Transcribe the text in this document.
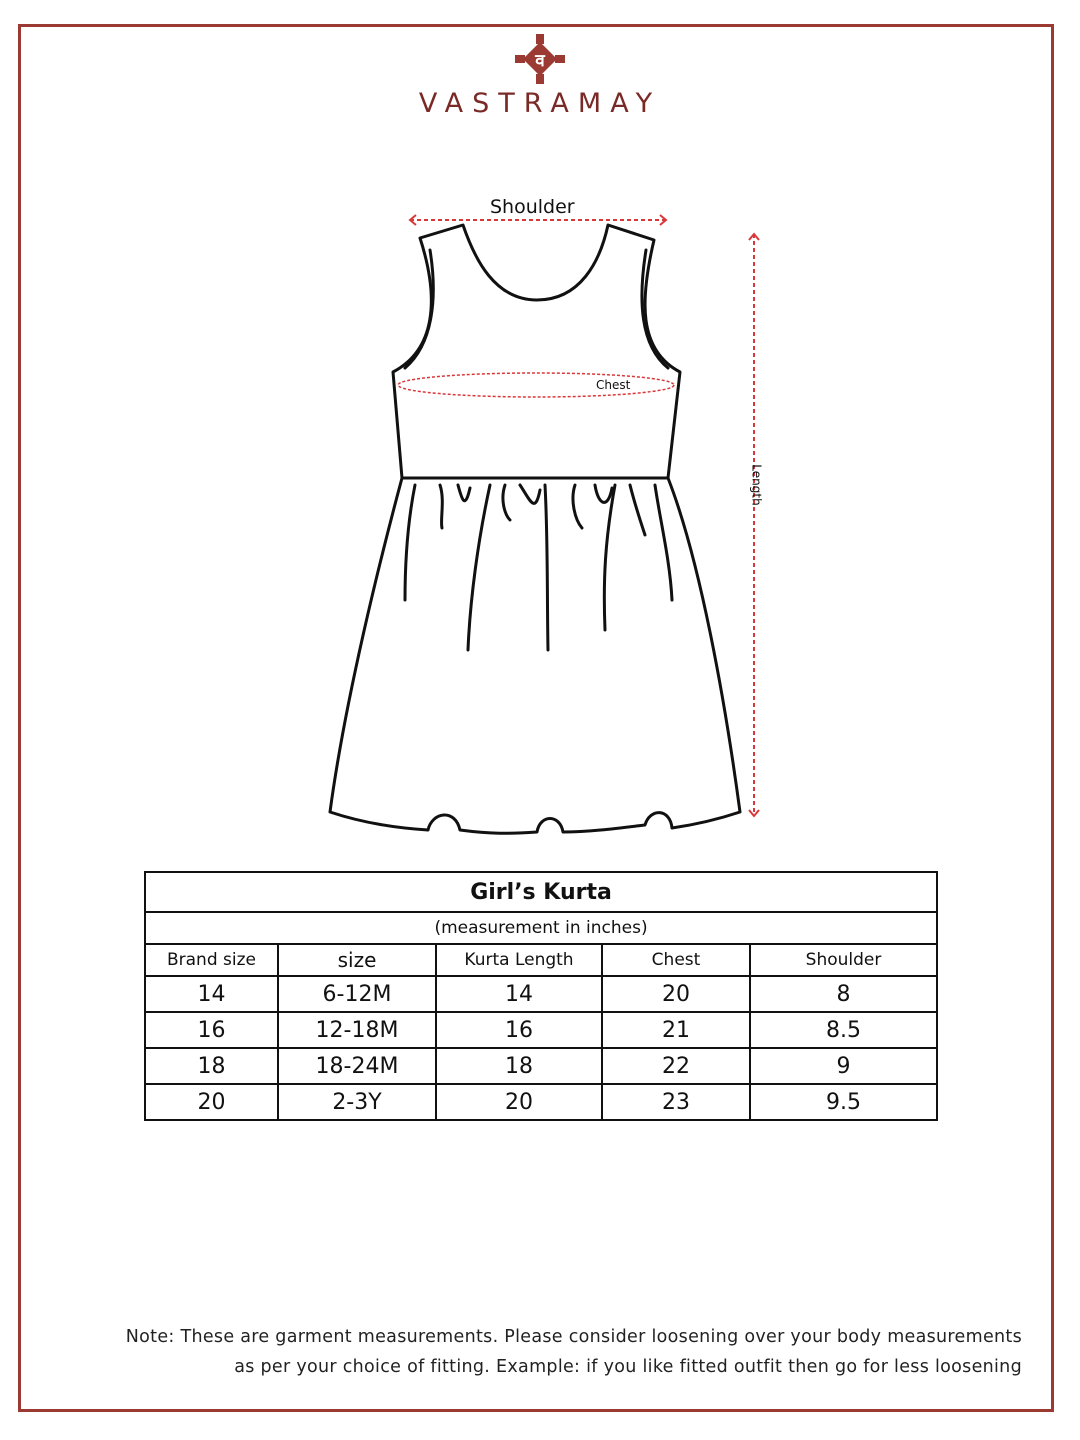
व
VASTRAMAY
Shoulder
Chest
Length
Girl’s Kurta				
(measurement in inches)				
Brand size	size	Kurta Length	Chest	Shoulder
14	6-12M	14	20	8
16	12-18M	16	21	8.5
18	18-24M	18	22	9
20	2-3Y	20	23	9.5
Note: These are garment measurements. Please consider loosening over your body measurements
as per your choice of fitting. Example: if you like fitted outfit then go for less loosening
